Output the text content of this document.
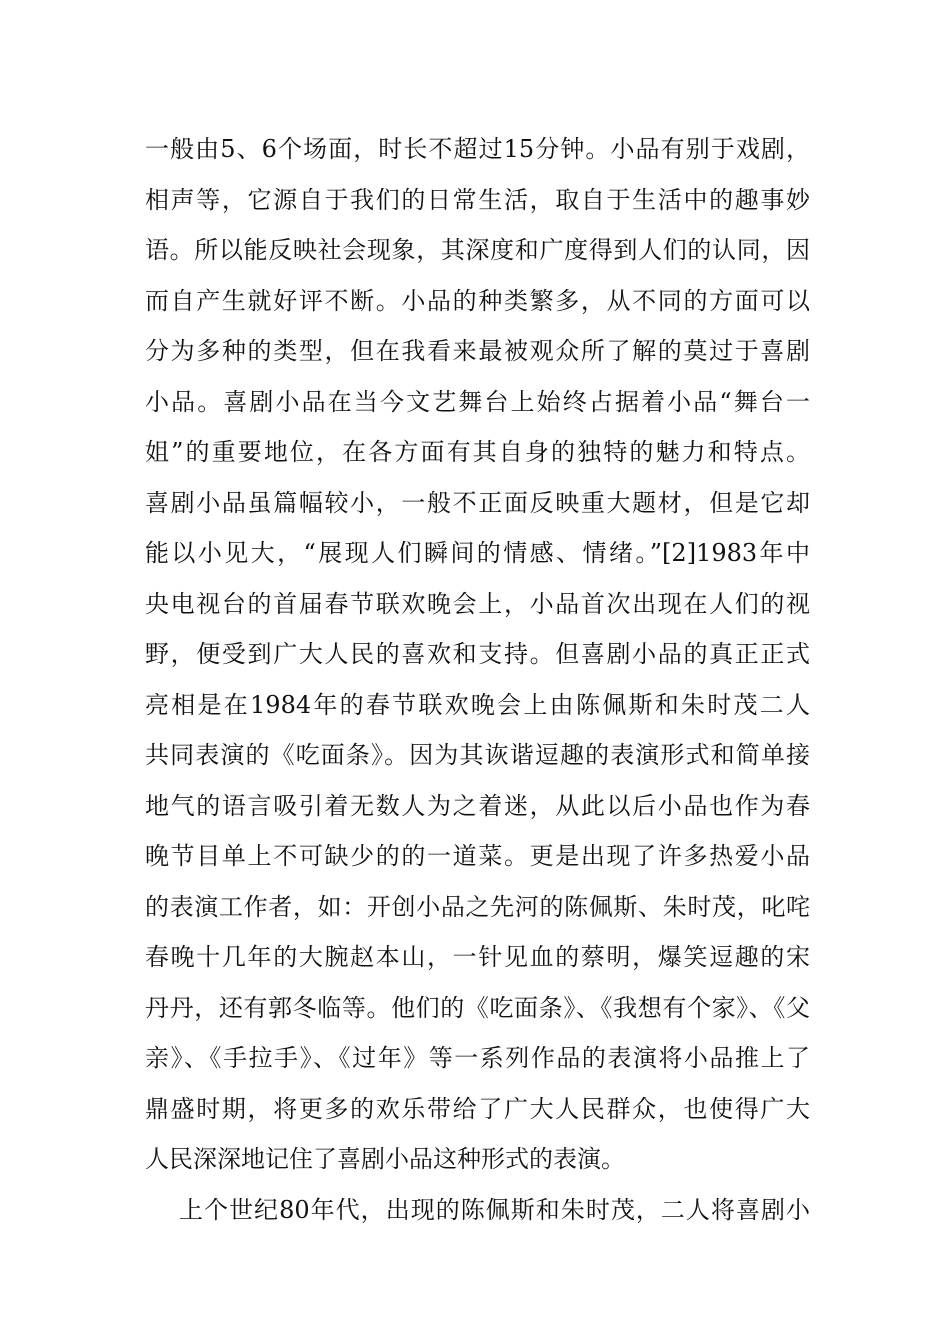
一般由5、6个场面，时长不超过15分钟。小品有别于戏剧，
相声等，它源自于我们的日常生活，取自于生活中的趣事妙
语。所以能反映社会现象，其深度和广度得到人们的认同，因
而自产生就好评不断。小品的种类繁多，从不同的方面可以
分为多种的类型，但在我看来最被观众所了解的莫过于喜剧
小品。喜剧小品在当今文艺舞台上始终占据着小品“舞台一
姐”的重要地位，在各方面有其自身的独特的魅力和特点。
喜剧小品虽篇幅较小，一般不正面反映重大题材，但是它却
能以小见大，“展现人们瞬间的情感、情绪。”[2]1983年中
央电视台的首届春节联欢晚会上，小品首次出现在人们的视
野，便受到广大人民的喜欢和支持。但喜剧小品的真正正式
亮相是在1984年的春节联欢晚会上由陈佩斯和朱时茂二人
共同表演的《吃面条》。因为其诙谐逗趣的表演形式和简单接
地气的语言吸引着无数人为之着迷，从此以后小品也作为春
晚节目单上不可缺少的的一道菜。更是出现了许多热爱小品
的表演工作者，如：开创小品之先河的陈佩斯、朱时茂，叱咤
春晚十几年的大腕赵本山，一针见血的蔡明，爆笑逗趣的宋
丹丹，还有郭冬临等。他们的《吃面条》、《我想有个家》、《父
亲》、《手拉手》、《过年》等一系列作品的表演将小品推上了
鼎盛时期，将更多的欢乐带给了广大人民群众，也使得广大
人民深深地记住了喜剧小品这种形式的表演。
上个世纪80年代，出现的陈佩斯和朱时茂，二人将喜剧小
